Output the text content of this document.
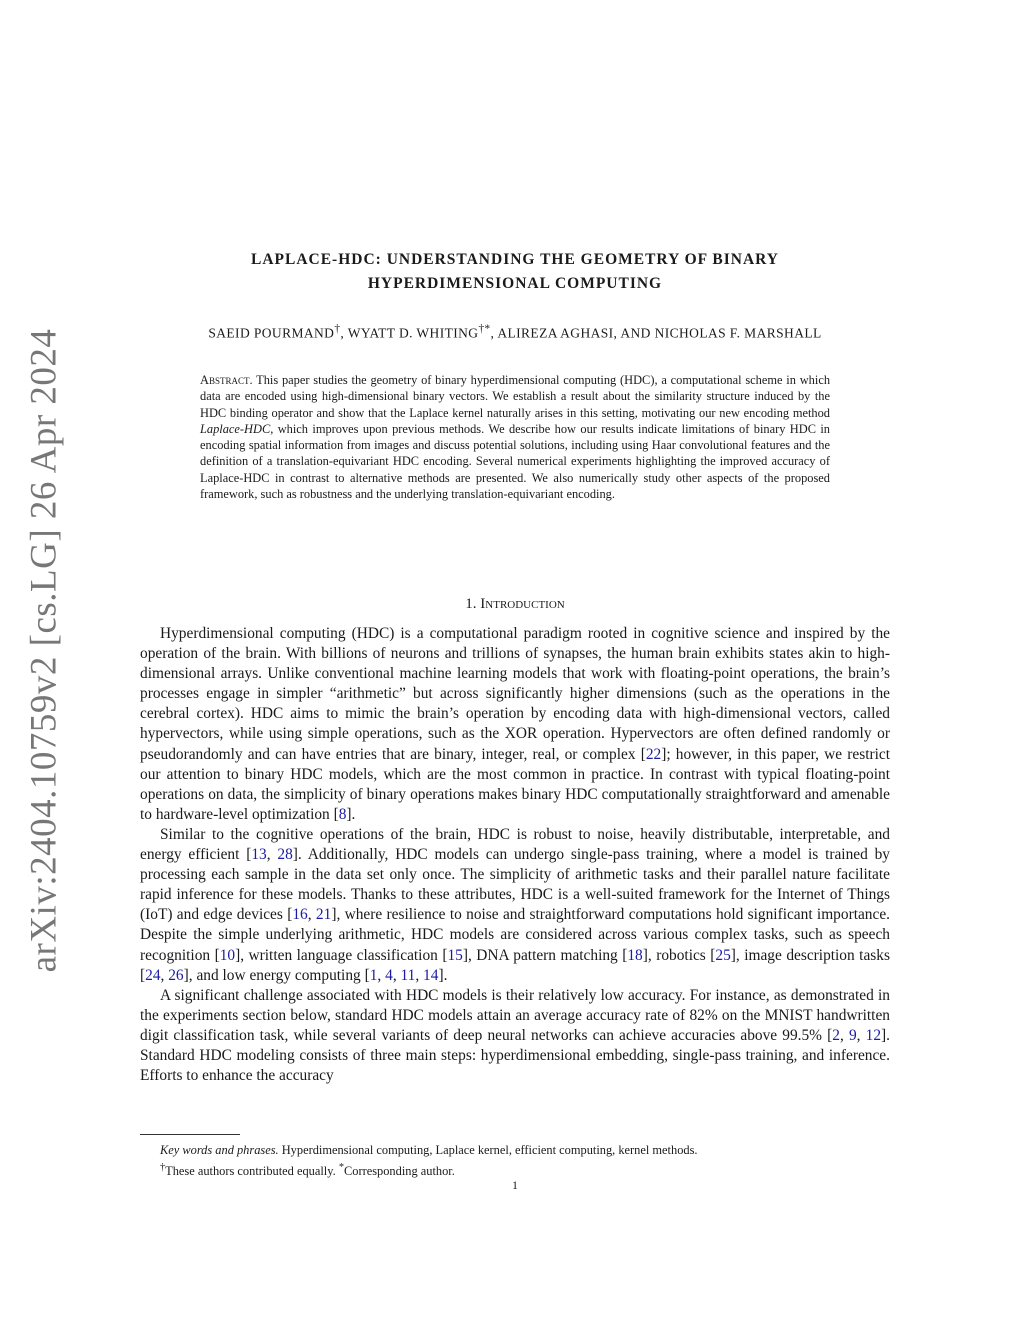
arXiv:2404.10759v2 [cs.LG] 26 Apr 2024
LAPLACE-HDC: UNDERSTANDING THE GEOMETRY OF BINARY
HYPERDIMENSIONAL COMPUTING
SAEID POURMAND†, WYATT D. WHITING†*, ALIREZA AGHASI, AND NICHOLAS F. MARSHALL
Abstract. This paper studies the geometry of binary hyperdimensional computing (HDC), a computational scheme in which data are encoded using high-dimensional binary vectors. We establish a result about the similarity structure induced by the HDC binding operator and show that the Laplace kernel naturally arises in this setting, motivating our new encoding method Laplace-HDC, which improves upon previous methods. We describe how our results indicate limitations of binary HDC in encoding spatial information from images and discuss potential solutions, including using Haar convolutional features and the definition of a translation-equivariant HDC encoding. Several numerical experiments highlighting the improved accuracy of Laplace-HDC in contrast to alternative methods are presented. We also numerically study other aspects of the proposed framework, such as robustness and the underlying translation-equivariant encoding.
1. Introduction

Hyperdimensional computing (HDC) is a computational paradigm rooted in cognitive science and inspired by the operation of the brain. With billions of neurons and trillions of synapses, the human brain exhibits states akin to high-dimensional arrays. Unlike conventional machine learning models that work with floating-point operations, the brain’s processes engage in simpler “arithmetic” but across significantly higher dimensions (such as the operations in the cerebral cortex). HDC aims to mimic the brain’s operation by encoding data with high-dimensional vectors, called hypervectors, while using simple operations, such as the XOR operation. Hypervectors are often defined randomly or pseudorandomly and can have entries that are binary, integer, real, or complex [22]; however, in this paper, we restrict our attention to binary HDC models, which are the most common in practice. In contrast with typical floating-point operations on data, the simplicity of binary operations makes binary HDC computationally straightforward and amenable to hardware-level optimization [8].

Similar to the cognitive operations of the brain, HDC is robust to noise, heavily distributable, interpretable, and energy efficient [13, 28]. Additionally, HDC models can undergo single-pass training, where a model is trained by processing each sample in the data set only once. The simplicity of arithmetic tasks and their parallel nature facilitate rapid inference for these models. Thanks to these attributes, HDC is a well-suited framework for the Internet of Things (IoT) and edge devices [16, 21], where resilience to noise and straightforward computations hold significant importance. Despite the simple underlying arithmetic, HDC models are considered across various complex tasks, such as speech recognition [10], written language classification [15], DNA pattern matching [18], robotics [25], image description tasks [24, 26], and low energy computing [1, 4, 11, 14].

A significant challenge associated with HDC models is their relatively low accuracy. For instance, as demonstrated in the experiments section below, standard HDC models attain an average accuracy rate of 82% on the MNIST handwritten digit classification task, while several variants of deep neural networks can achieve accuracies above 99.5% [2, 9, 12]. Standard HDC modeling consists of three main steps: hyperdimensional embedding, single-pass training, and inference. Efforts to enhance the accuracy

Key words and phrases. Hyperdimensional computing, Laplace kernel, efficient computing, kernel methods.
†These authors contributed equally. *Corresponding author.
1
